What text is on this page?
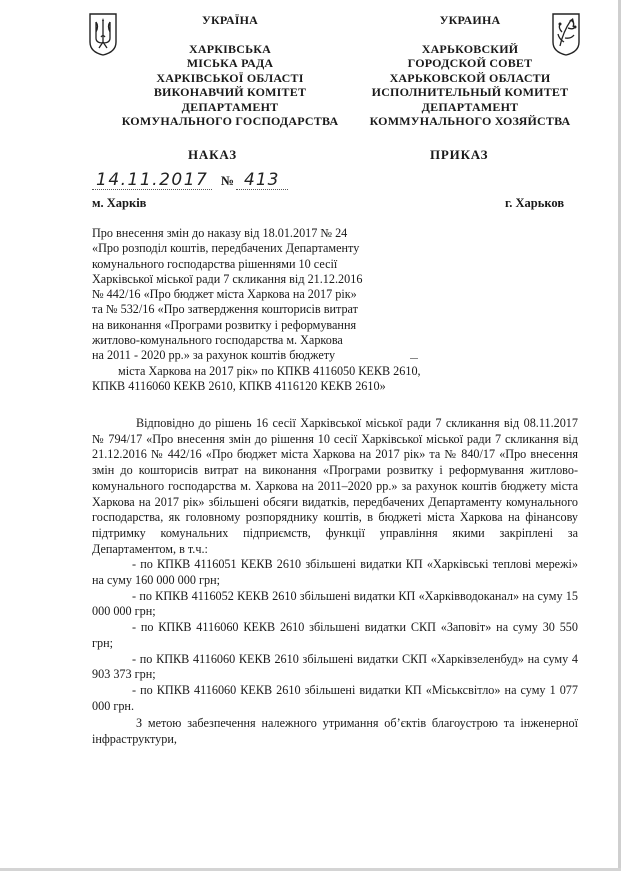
УКРАЇНА
ХАРКІВСЬКА
МІСЬКА РАДА
ХАРКІВСЬКОЇ ОБЛАСТІ
ВИКОНАВЧИЙ КОМІТЕТ
ДЕПАРТАМЕНТ
КОМУНАЛЬНОГО ГОСПОДАРСТВА
УКРАИНА
ХАРЬКОВСКИЙ
ГОРОДСКОЙ СОВЕТ
ХАРЬКОВСКОЙ ОБЛАСТИ
ИСПОЛНИТЕЛЬНЫЙ КОМИТЕТ
ДЕПАРТАМЕНТ
КОММУНАЛЬНОГО ХОЗЯЙСТВА
НАКАЗ	ПРИКАЗ
14.11.2017 № 413
м. Харків	г. Харьков
Про внесення змін до наказу від 18.01.2017 № 24
«Про розподіл коштів, передбачених Департаменту
комунального господарства рішеннями 10 сесії
Харківської міської ради 7 скликання від 21.12.2016
№ 442/16 «Про бюджет міста Харкова на 2017 рік»
та № 532/16 «Про затвердження кошторисів витрат
на виконання «Програми розвитку і реформування
житлово-комунального господарства м. Харкова
на 2011 - 2020 рр.» за рахунок коштів бюджету
міста Харкова на 2017 рік» по КПКВ 4116050 КЕКВ 2610,
КПКВ 4116060 КЕКВ 2610, КПКВ 4116120 КЕКВ 2610»

Відповідно до рішень 16 сесії Харківської міської ради 7 скликання від 08.11.2017 № 794/17 «Про внесення змін до рішення 10 сесії Харківської міської ради 7 скликання від 21.12.2016 № 442/16 «Про бюджет міста Харкова на 2017 рік» та № 840/17 «Про внесення змін до кошторисів витрат на виконання «Програми розвитку і реформування житлово-комунального господарства м. Харкова на 2011–2020 рр.» за рахунок коштів бюджету міста Харкова на 2017 рік» збільшені обсяги видатків, передбачених Департаменту комунального господарства, як головному розпоряднику коштів, в бюджеті міста Харкова на фінансову підтримку комунальних підприємств, функції управління якими закріплені за Департаментом, в т.ч.:

- по КПКВ 4116051 КЕКВ 2610 збільшені видатки КП «Харківські теплові мережі» на суму 160 000 000 грн;

- по КПКВ 4116052 КЕКВ 2610 збільшені видатки КП «Харківводоканал» на суму 15 000 000 грн;

- по КПКВ 4116060 КЕКВ 2610 збільшені видатки СКП «Заповіт» на суму 30 550 грн;

- по КПКВ 4116060 КЕКВ 2610 збільшені видатки СКП «Харківзеленбуд» на суму 4 903 373 грн;

- по КПКВ 4116060 КЕКВ 2610 збільшені видатки КП «Міськсвітло» на суму 1 077 000 грн.

З метою забезпечення належного утримання об’єктів благоустрою та інженерної інфраструктури,
